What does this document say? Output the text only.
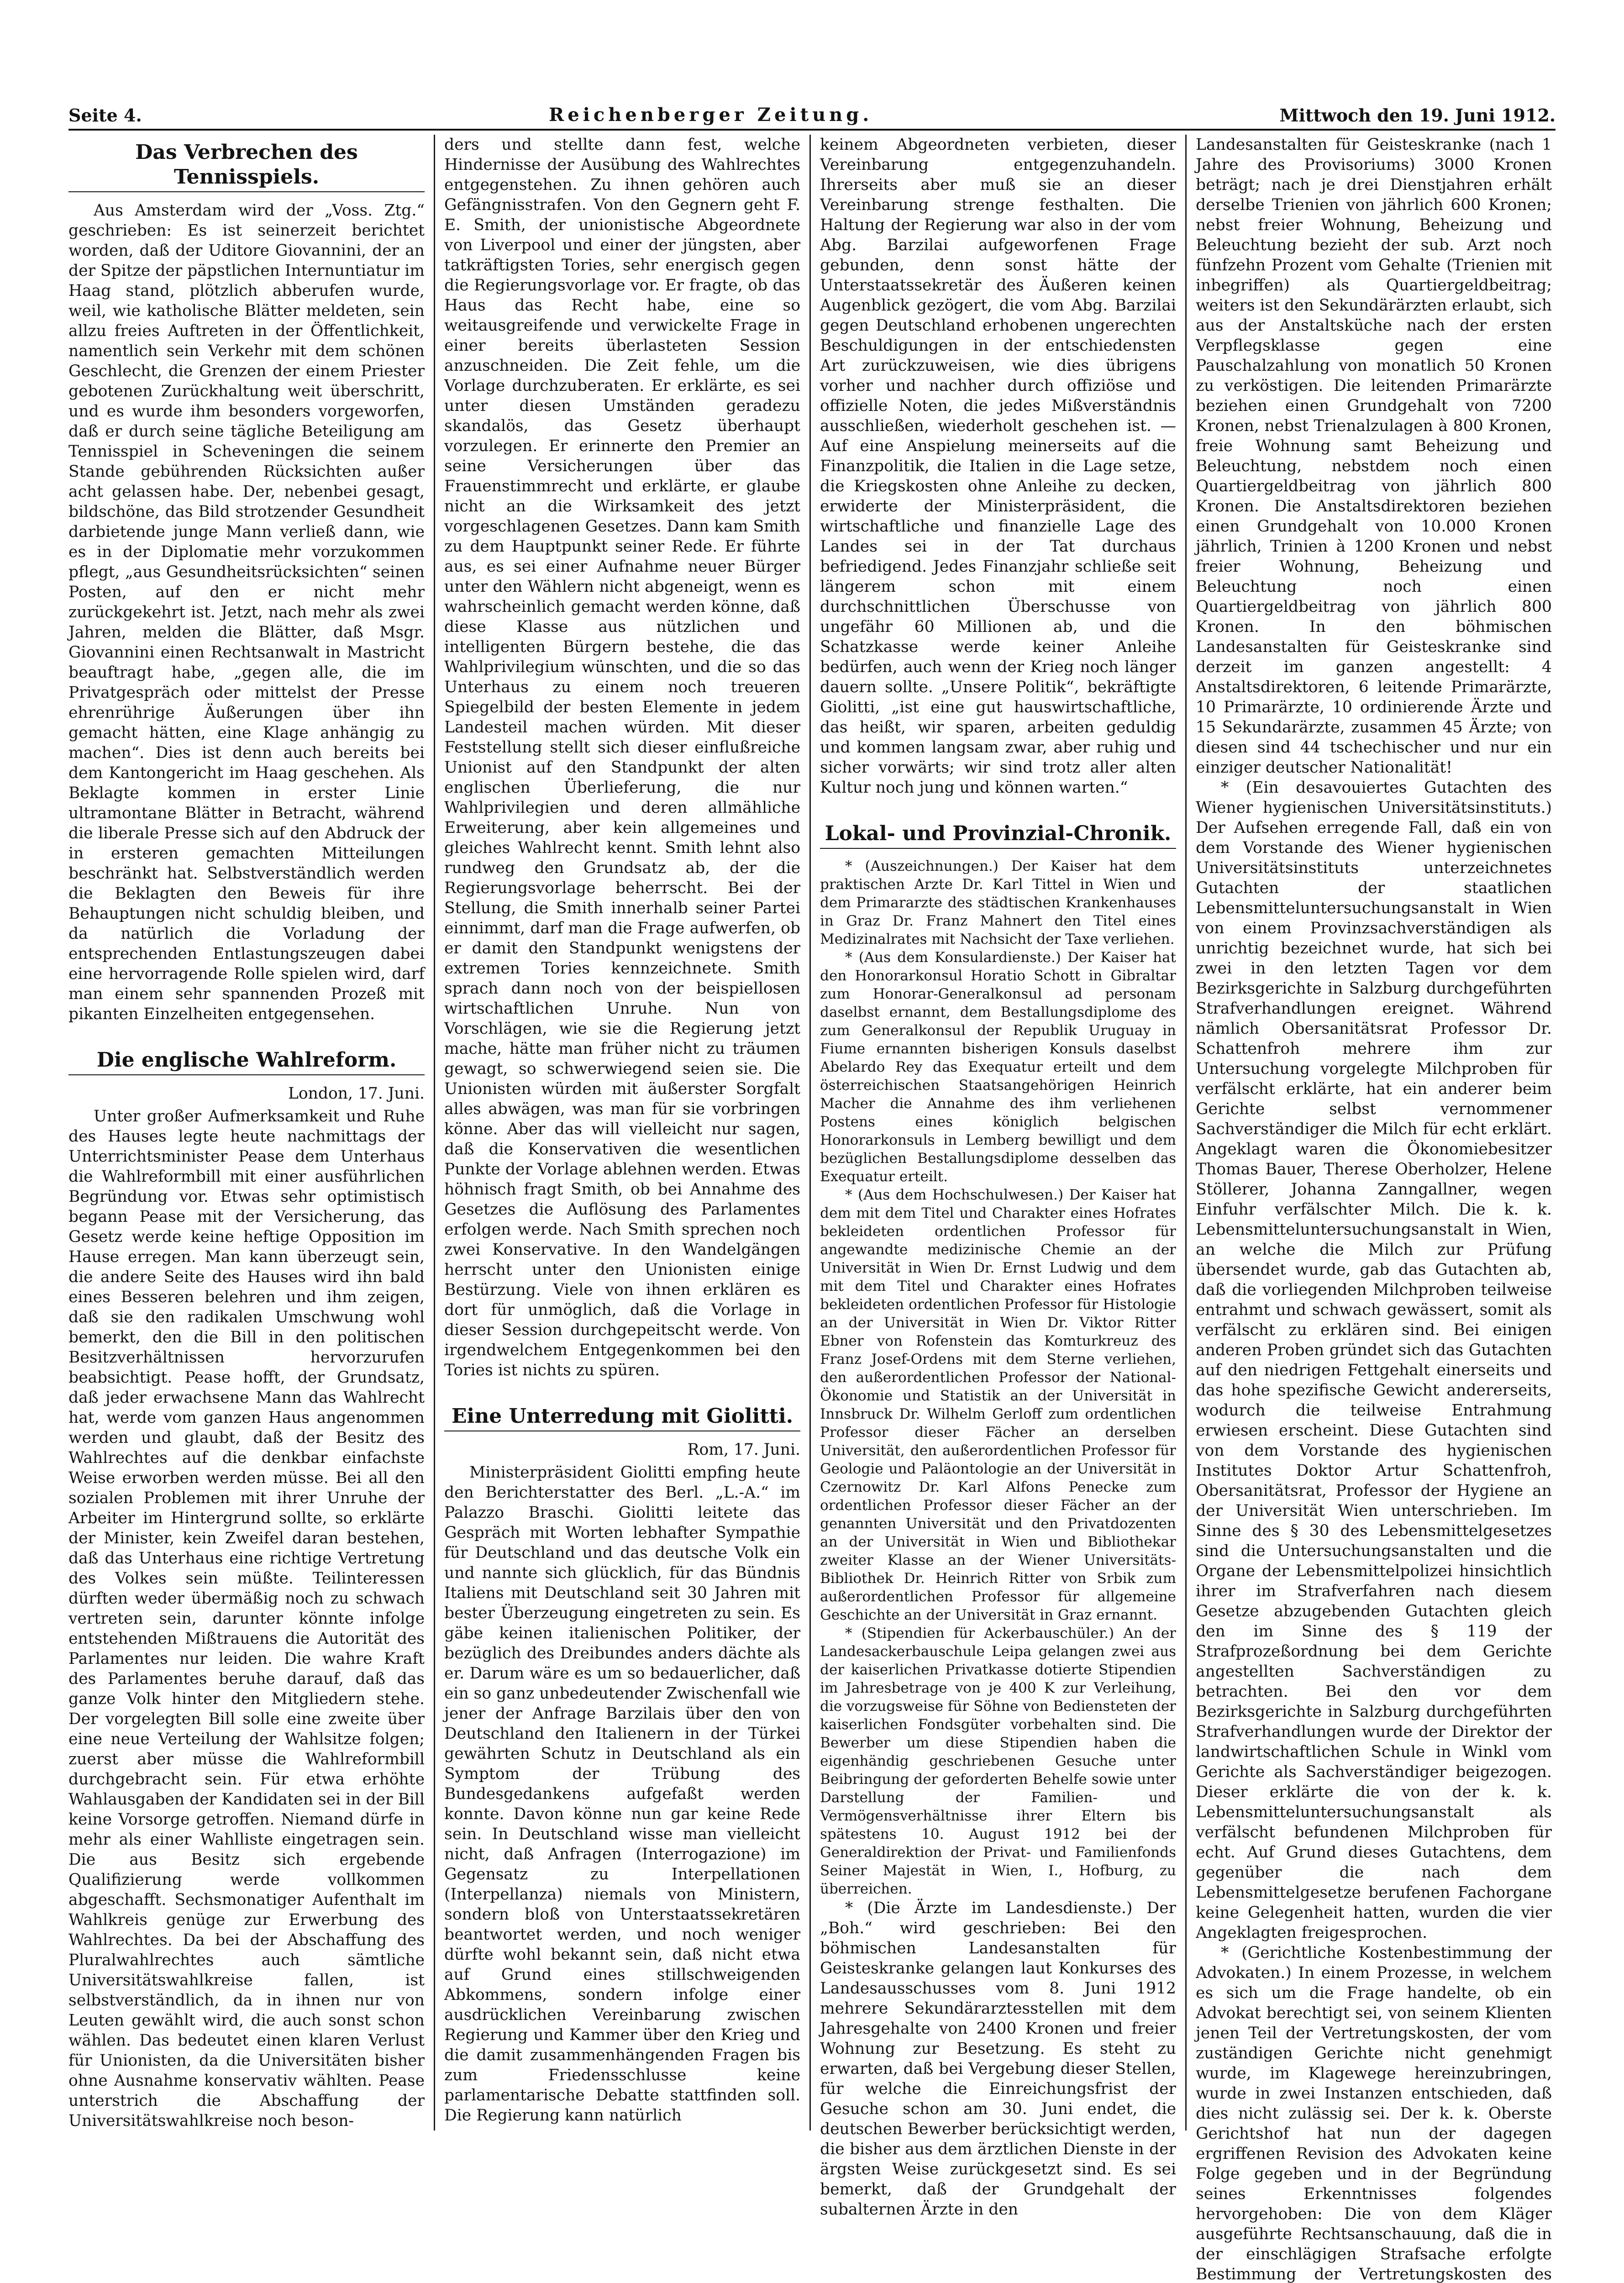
Seite 4.	Reichenberger Zeitung.	Mittwoch den 19. Juni 1912.
Das Verbrechen des Tennisspiels.

Aus Amsterdam wird der „Voss. Ztg.“ geschrieben: Es ist seinerzeit berichtet worden, daß der Uditore Giovannini, der an der Spitze der päpstlichen Internuntiatur im Haag stand, plötzlich abberufen wurde, weil, wie katholische Blätter meldeten, sein allzu freies Auftreten in der Öffentlichkeit, namentlich sein Verkehr mit dem schönen Geschlecht, die Grenzen der einem Priester gebotenen Zurückhaltung weit überschritt, und es wurde ihm besonders vorgeworfen, daß er durch seine tägliche Beteiligung am Tennisspiel in Scheveningen die seinem Stande gebührenden Rücksichten außer acht gelassen habe. Der, nebenbei gesagt, bildschöne, das Bild strotzender Gesundheit darbietende junge Mann verließ dann, wie es in der Diplomatie mehr vorzukommen pflegt, „aus Gesundheitsrücksichten“ seinen Posten, auf den er nicht mehr zurückgekehrt ist. Jetzt, nach mehr als zwei Jahren, melden die Blätter, daß Msgr. Giovannini einen Rechtsanwalt in Mastricht beauftragt habe, „gegen alle, die im Privatgespräch oder mittelst der Presse ehrenrührige Äußerungen über ihn gemacht hätten, eine Klage anhängig zu machen“. Dies ist denn auch bereits bei dem Kantongericht im Haag geschehen. Als Beklagte kommen in erster Linie ultramontane Blätter in Betracht, während die liberale Presse sich auf den Abdruck der in ersteren gemachten Mitteilungen beschränkt hat. Selbstverständlich werden die Beklagten den Beweis für ihre Behauptungen nicht schuldig bleiben, und da natürlich die Vorladung der entsprechenden Entlastungszeugen dabei eine hervorragende Rolle spielen wird, darf man einem sehr spannenden Prozeß mit pikanten Einzelheiten entgegensehen.

Die englische Wahlreform.
London, 17. Juni.

Unter großer Aufmerksamkeit und Ruhe des Hauses legte heute nachmittags der Unterrichtsminister Pease dem Unterhaus die Wahlreformbill mit einer ausführlichen Begründung vor. Etwas sehr optimistisch begann Pease mit der Versicherung, das Gesetz werde keine heftige Opposition im Hause erregen. Man kann überzeugt sein, die andere Seite des Hauses wird ihn bald eines Besseren belehren und ihm zeigen, daß sie den radikalen Umschwung wohl bemerkt, den die Bill in den politischen Besitzverhältnissen hervorzurufen beabsichtigt. Pease hofft, der Grundsatz, daß jeder erwachsene Mann das Wahlrecht hat, werde vom ganzen Haus angenommen werden und glaubt, daß der Besitz des Wahlrechtes auf die denkbar einfachste Weise erworben werden müsse. Bei all den sozialen Problemen mit ihrer Unruhe der Arbeiter im Hintergrund sollte, so erklärte der Minister, kein Zweifel daran bestehen, daß das Unterhaus eine richtige Vertretung des Volkes sein müßte. Teilinteressen dürften weder übermäßig noch zu schwach vertreten sein, darunter könnte infolge entstehenden Mißtrauens die Autorität des Parlamentes nur leiden. Die wahre Kraft des Parlamentes beruhe darauf, daß das ganze Volk hinter den Mitgliedern stehe. Der vorgelegten Bill solle eine zweite über eine neue Verteilung der Wahlsitze folgen; zuerst aber müsse die Wahlreformbill durchgebracht sein. Für etwa erhöhte Wahlausgaben der Kandidaten sei in der Bill keine Vorsorge getroffen. Niemand dürfe in mehr als einer Wahlliste eingetragen sein. Die aus Besitz sich ergebende Qualifizierung werde vollkommen abgeschafft. Sechsmonatiger Aufenthalt im Wahlkreis genüge zur Erwerbung des Wahlrechtes. Da bei der Abschaffung des Pluralwahlrechtes auch sämtliche Universitätswahlkreise fallen, ist selbstverständlich, da in ihnen nur von Leuten gewählt wird, die auch sonst schon wählen. Das bedeutet einen klaren Verlust für Unionisten, da die Universitäten bisher ohne Ausnahme konservativ wählten. Pease unterstrich die Abschaffung der Universitätswahlkreise noch beson-

ders und stellte dann fest, welche Hindernisse der Ausübung des Wahlrechtes entgegenstehen. Zu ihnen gehören auch Gefängnisstrafen. Von den Gegnern geht F. E. Smith, der unionistische Abgeordnete von Liverpool und einer der jüngsten, aber tatkräftigsten Tories, sehr energisch gegen die Regierungsvorlage vor. Er fragte, ob das Haus das Recht habe, eine so weitausgreifende und verwickelte Frage in einer bereits überlasteten Session anzuschneiden. Die Zeit fehle, um die Vorlage durchzuberaten. Er erklärte, es sei unter diesen Umständen geradezu skandalös, das Gesetz überhaupt vorzulegen. Er erinnerte den Premier an seine Versicherungen über das Frauenstimmrecht und erklärte, er glaube nicht an die Wirksamkeit des jetzt vorgeschlagenen Gesetzes. Dann kam Smith zu dem Hauptpunkt seiner Rede. Er führte aus, es sei einer Aufnahme neuer Bürger unter den Wählern nicht abgeneigt, wenn es wahrscheinlich gemacht werden könne, daß diese Klasse aus nützlichen und intelligenten Bürgern bestehe, die das Wahlprivilegium wünschten, und die so das Unterhaus zu einem noch treueren Spiegelbild der besten Elemente in jedem Landesteil machen würden. Mit dieser Feststellung stellt sich dieser einflußreiche Unionist auf den Standpunkt der alten englischen Überlieferung, die nur Wahlprivilegien und deren allmähliche Erweiterung, aber kein allgemeines und gleiches Wahlrecht kennt. Smith lehnt also rundweg den Grundsatz ab, der die Regierungsvorlage beherrscht. Bei der Stellung, die Smith innerhalb seiner Partei einnimmt, darf man die Frage aufwerfen, ob er damit den Standpunkt wenigstens der extremen Tories kennzeichnete. Smith sprach dann noch von der beispiellosen wirtschaftlichen Unruhe. Nun von Vorschlägen, wie sie die Regierung jetzt mache, hätte man früher nicht zu träumen gewagt, so schwerwiegend seien sie. Die Unionisten würden mit äußerster Sorgfalt alles abwägen, was man für sie vorbringen könne. Aber das will vielleicht nur sagen, daß die Konservativen die wesentlichen Punkte der Vorlage ablehnen werden. Etwas höhnisch fragt Smith, ob bei Annahme des Gesetzes die Auflösung des Parlamentes erfolgen werde. Nach Smith sprechen noch zwei Konservative. In den Wandelgängen herrscht unter den Unionisten einige Bestürzung. Viele von ihnen erklären es dort für unmöglich, daß die Vorlage in dieser Session durchgepeitscht werde. Von irgendwelchem Entgegenkommen bei den Tories ist nichts zu spüren.

Eine Unterredung mit Giolitti.
Rom, 17. Juni.

Ministerpräsident Giolitti empfing heute den Berichterstatter des Berl. „L.-A.“ im Palazzo Braschi. Giolitti leitete das Gespräch mit Worten lebhafter Sympathie für Deutschland und das deutsche Volk ein und nannte sich glücklich, für das Bündnis Italiens mit Deutschland seit 30 Jahren mit bester Überzeugung eingetreten zu sein. Es gäbe keinen italienischen Politiker, der bezüglich des Dreibundes anders dächte als er. Darum wäre es um so bedauerlicher, daß ein so ganz unbedeutender Zwischenfall wie jener der Anfrage Barzilais über den von Deutschland den Italienern in der Türkei gewährten Schutz in Deutschland als ein Symptom der Trübung des Bundesgedankens aufgefaßt werden konnte. Davon könne nun gar keine Rede sein. In Deutschland wisse man vielleicht nicht, daß Anfragen (Interrogazione) im Gegensatz zu Interpellationen (Interpellanza) niemals von Ministern, sondern bloß von Unterstaatssekretären beantwortet werden, und noch weniger dürfte wohl bekannt sein, daß nicht etwa auf Grund eines stillschweigenden Abkommens, sondern infolge einer ausdrücklichen Vereinbarung zwischen Regierung und Kammer über den Krieg und die damit zusammenhängenden Fragen bis zum Friedensschlusse keine parlamentarische Debatte stattfinden soll. Die Regierung kann natürlich

keinem Abgeordneten verbieten, dieser Vereinbarung entgegenzuhandeln. Ihrerseits aber muß sie an dieser Vereinbarung strenge festhalten. Die Haltung der Regierung war also in der vom Abg. Barzilai aufgeworfenen Frage gebunden, denn sonst hätte der Unterstaatssekretär des Äußeren keinen Augenblick gezögert, die vom Abg. Barzilai gegen Deutschland erhobenen ungerechten Beschuldigungen in der entschiedensten Art zurückzuweisen, wie dies übrigens vorher und nachher durch offiziöse und offizielle Noten, die jedes Mißverständnis ausschließen, wiederholt geschehen ist. — Auf eine Anspielung meinerseits auf die Finanzpolitik, die Italien in die Lage setze, die Kriegskosten ohne Anleihe zu decken, erwiderte der Ministerpräsident, die wirtschaftliche und finanzielle Lage des Landes sei in der Tat durchaus befriedigend. Jedes Finanzjahr schließe seit längerem schon mit einem durchschnittlichen Überschusse von ungefähr 60 Millionen ab, und die Schatzkasse werde keiner Anleihe bedürfen, auch wenn der Krieg noch länger dauern sollte. „Unsere Politik“, bekräftigte Giolitti, „ist eine gut hauswirtschaftliche, das heißt, wir sparen, arbeiten geduldig und kommen langsam zwar, aber ruhig und sicher vorwärts; wir sind trotz aller alten Kultur noch jung und können warten.“

Lokal- und Provinzial-Chronik.

* (Auszeichnungen.) Der Kaiser hat dem praktischen Arzte Dr. Karl Tittel in Wien und dem Primararzte des städtischen Krankenhauses in Graz Dr. Franz Mahnert den Titel eines Medizinalrates mit Nachsicht der Taxe verliehen.

* (Aus dem Konsulardienste.) Der Kaiser hat den Honorarkonsul Horatio Schott in Gibraltar zum Honorar-Generalkonsul ad personam daselbst ernannt, dem Bestallungsdiplome des zum Generalkonsul der Republik Uruguay in Fiume ernannten bisherigen Konsuls daselbst Abelardo Rey das Exequatur erteilt und dem österreichischen Staatsangehörigen Heinrich Macher die Annahme des ihm verliehenen Postens eines königlich belgischen Honorarkonsuls in Lemberg bewilligt und dem bezüglichen Bestallungsdiplome desselben das Exequatur erteilt.

* (Aus dem Hochschulwesen.) Der Kaiser hat dem mit dem Titel und Charakter eines Hofrates bekleideten ordentlichen Professor für angewandte medizinische Chemie an der Universität in Wien Dr. Ernst Ludwig und dem mit dem Titel und Charakter eines Hofrates bekleideten ordentlichen Professor für Histologie an der Universität in Wien Dr. Viktor Ritter Ebner von Rofenstein das Komturkreuz des Franz Josef-Ordens mit dem Sterne verliehen, den außerordentlichen Professor der National-Ökonomie und Statistik an der Universität in Innsbruck Dr. Wilhelm Gerloff zum ordentlichen Professor dieser Fächer an derselben Universität, den außerordentlichen Professor für Geologie und Paläontologie an der Universität in Czernowitz Dr. Karl Alfons Penecke zum ordentlichen Professor dieser Fächer an der genannten Universität und den Privatdozenten an der Universität in Wien und Bibliothekar zweiter Klasse an der Wiener Universitäts-Bibliothek Dr. Heinrich Ritter von Srbik zum außerordentlichen Professor für allgemeine Geschichte an der Universität in Graz ernannt.

* (Stipendien für Ackerbauschüler.) An der Landesackerbauschule Leipa gelangen zwei aus der kaiserlichen Privatkasse dotierte Stipendien im Jahresbetrage von je 400 K zur Verleihung, die vorzugsweise für Söhne von Bediensteten der kaiserlichen Fondsgüter vorbehalten sind. Die Bewerber um diese Stipendien haben die eigenhändig geschriebenen Gesuche unter Beibringung der geforderten Behelfe sowie unter Darstellung der Familien- und Vermögensverhältnisse ihrer Eltern bis spätestens 10. August 1912 bei der Generaldirektion der Privat- und Familienfonds Seiner Majestät in Wien, I., Hofburg, zu überreichen.

* (Die Ärzte im Landesdienste.) Der „Boh.“ wird geschrieben: Bei den böhmischen Landesanstalten für Geisteskranke gelangen laut Konkurses des Landesausschusses vom 8. Juni 1912 mehrere Sekundärarztesstellen mit dem Jahresgehalte von 2400 Kronen und freier Wohnung zur Besetzung. Es steht zu erwarten, daß bei Vergebung dieser Stellen, für welche die Einreichungsfrist der Gesuche schon am 30. Juni endet, die deutschen Bewerber berücksichtigt werden, die bisher aus dem ärztlichen Dienste in der ärgsten Weise zurückgesetzt sind. Es sei bemerkt, daß der Grundgehalt der subalternen Ärzte in den

Landesanstalten für Geisteskranke (nach 1 Jahre des Provisoriums) 3000 Kronen beträgt; nach je drei Dienstjahren erhält derselbe Trienien von jährlich 600 Kronen; nebst freier Wohnung, Beheizung und Beleuchtung bezieht der sub. Arzt noch fünfzehn Prozent vom Gehalte (Trienien mit inbegriffen) als Quartiergeldbeitrag; weiters ist den Sekundärärzten erlaubt, sich aus der Anstaltsküche nach der ersten Verpflegsklasse gegen eine Pauschalzahlung von monatlich 50 Kronen zu verköstigen. Die leitenden Primarärzte beziehen einen Grundgehalt von 7200 Kronen, nebst Trienalzulagen à 800 Kronen, freie Wohnung samt Beheizung und Beleuchtung, nebstdem noch einen Quartiergeldbeitrag von jährlich 800 Kronen. Die Anstaltsdirektoren beziehen einen Grundgehalt von 10.000 Kronen jährlich, Trinien à 1200 Kronen und nebst freier Wohnung, Beheizung und Beleuchtung noch einen Quartiergeldbeitrag von jährlich 800 Kronen. In den böhmischen Landesanstalten für Geisteskranke sind derzeit im ganzen angestellt: 4 Anstaltsdirektoren, 6 leitende Primarärzte, 10 Primarärzte, 10 ordinierende Ärzte und 15 Sekundarärzte, zusammen 45 Ärzte; von diesen sind 44 tschechischer und nur ein einziger deutscher Nationalität!

* (Ein desavouiertes Gutachten des Wiener hygienischen Universitätsinstituts.) Der Aufsehen erregende Fall, daß ein von dem Vorstande des Wiener hygienischen Universitätsinstituts unterzeichnetes Gutachten der staatlichen Lebensmitteluntersuchungsanstalt in Wien von einem Provinzsachverständigen als unrichtig bezeichnet wurde, hat sich bei zwei in den letzten Tagen vor dem Bezirksgerichte in Salzburg durchgeführten Strafverhandlungen ereignet. Während nämlich Obersanitätsrat Professor Dr. Schattenfroh mehrere ihm zur Untersuchung vorgelegte Milchproben für verfälscht erklärte, hat ein anderer beim Gerichte selbst vernommener Sachverständiger die Milch für echt erklärt. Angeklagt waren die Ökonomiebesitzer Thomas Bauer, Therese Oberholzer, Helene Stöllerer, Johanna Zanngallner, wegen Einfuhr verfälschter Milch. Die k. k. Lebensmitteluntersuchungsanstalt in Wien, an welche die Milch zur Prüfung übersendet wurde, gab das Gutachten ab, daß die vorliegenden Milchproben teilweise entrahmt und schwach gewässert, somit als verfälscht zu erklären sind. Bei einigen anderen Proben gründet sich das Gutachten auf den niedrigen Fettgehalt einerseits und das hohe spezifische Gewicht andererseits, wodurch die teilweise Entrahmung erwiesen erscheint. Diese Gutachten sind von dem Vorstande des hygienischen Institutes Doktor Artur Schattenfroh, Obersanitätsrat, Professor der Hygiene an der Universität Wien unterschrieben. Im Sinne des § 30 des Lebensmittelgesetzes sind die Untersuchungsanstalten und die Organe der Lebensmittelpolizei hinsichtlich ihrer im Strafverfahren nach diesem Gesetze abzugebenden Gutachten gleich den im Sinne des § 119 der Strafprozeßordnung bei dem Gerichte angestellten Sachverständigen zu betrachten. Bei den vor dem Bezirksgerichte in Salzburg durchgeführten Strafverhandlungen wurde der Direktor der landwirtschaftlichen Schule in Winkl vom Gerichte als Sachverständiger beigezogen. Dieser erklärte die von der k. k. Lebensmitteluntersuchungsanstalt als verfälscht befundenen Milchproben für echt. Auf Grund dieses Gutachtens, dem gegenüber die nach dem Lebensmittelgesetze berufenen Fachorgane keine Gelegenheit hatten, wurden die vier Angeklagten freigesprochen.

* (Gerichtliche Kostenbestimmung der Advokaten.) In einem Prozesse, in welchem es sich um die Frage handelte, ob ein Advokat berechtigt sei, von seinem Klienten jenen Teil der Vertretungskosten, der vom zuständigen Gerichte nicht genehmigt wurde, im Klagewege hereinzubringen, wurde in zwei Instanzen entschieden, daß dies nicht zulässig sei. Der k. k. Oberste Gerichtshof hat nun der dagegen ergriffenen Revision des Advokaten keine Folge gegeben und in der Begründung seines Erkenntnisses folgendes hervorgehoben: Die von dem Kläger ausgeführte Rechtsanschauung, daß die in der einschlägigen Strafsache erfolgte Bestimmung der Vertretungskosten des
